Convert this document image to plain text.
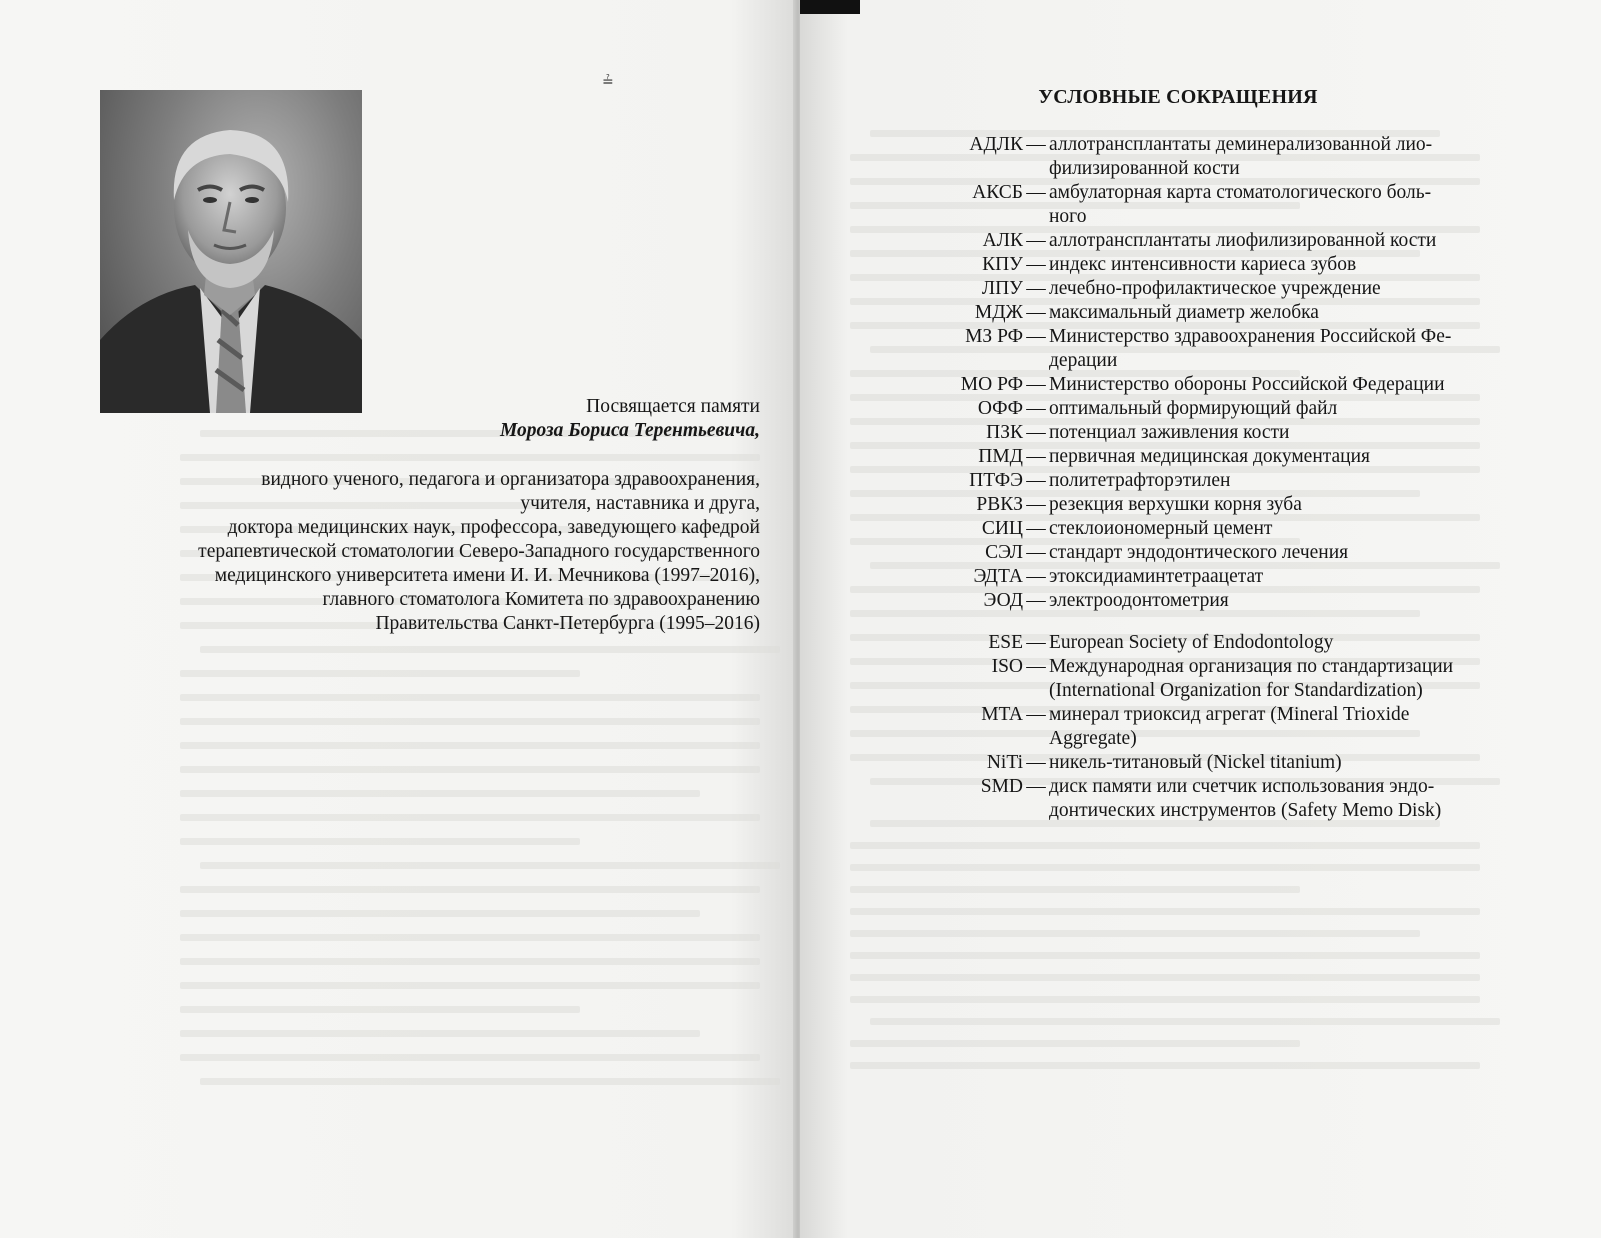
≟
Посвящается памяти
Мороза Бориса Терентьевича,
видного ученого, педагога и организатора здравоохранения,
учителя, наставника и друга,
доктора медицинских наук, профессора, заведующего кафедрой
терапевтической стоматологии Северо-Западного государственного
медицинского университета имени И. И. Мечникова (1997–2016),
главного стоматолога Комитета по здравоохранению
Правительства Санкт-Петербурга (1995–2016)
УСЛОВНЫЕ СОКРАЩЕНИЯ
АДЛК — аллотрансплантаты деминерализованной лио-
филизированной кости
АКСБ — амбулаторная карта стоматологического боль-
ного
АЛК — аллотрансплантаты лиофилизированной кости
КПУ — индекс интенсивности кариеса зубов
ЛПУ — лечебно-профилактическое учреждение
МДЖ — максимальный диаметр желобка
МЗ РФ — Министерство здравоохранения Российской Фе-
дерации
МО РФ — Министерство обороны Российской Федерации
ОФФ — оптимальный формирующий файл
ПЗК — потенциал заживления кости
ПМД — первичная медицинская документация
ПТФЭ — политетрафторэтилен
РВКЗ — резекция верхушки корня зуба
СИЦ — стеклоиономерный цемент
СЭЛ — стандарт эндодонтического лечения
ЭДТА — этоксидиаминтетраацетат
ЭОД — электроодонтометрия
ESE — European Society of Endodontology
ISO — Международная организация по стандартизации
(International Organization for Standardization)
MTA — минерал триоксид агрегат (Mineral Trioxide
Aggregate)
NiTi — никель-титановый (Nickel titanium)
SMD — диск памяти или счетчик использования эндо-
донтических инструментов (Safety Memo Disk)
